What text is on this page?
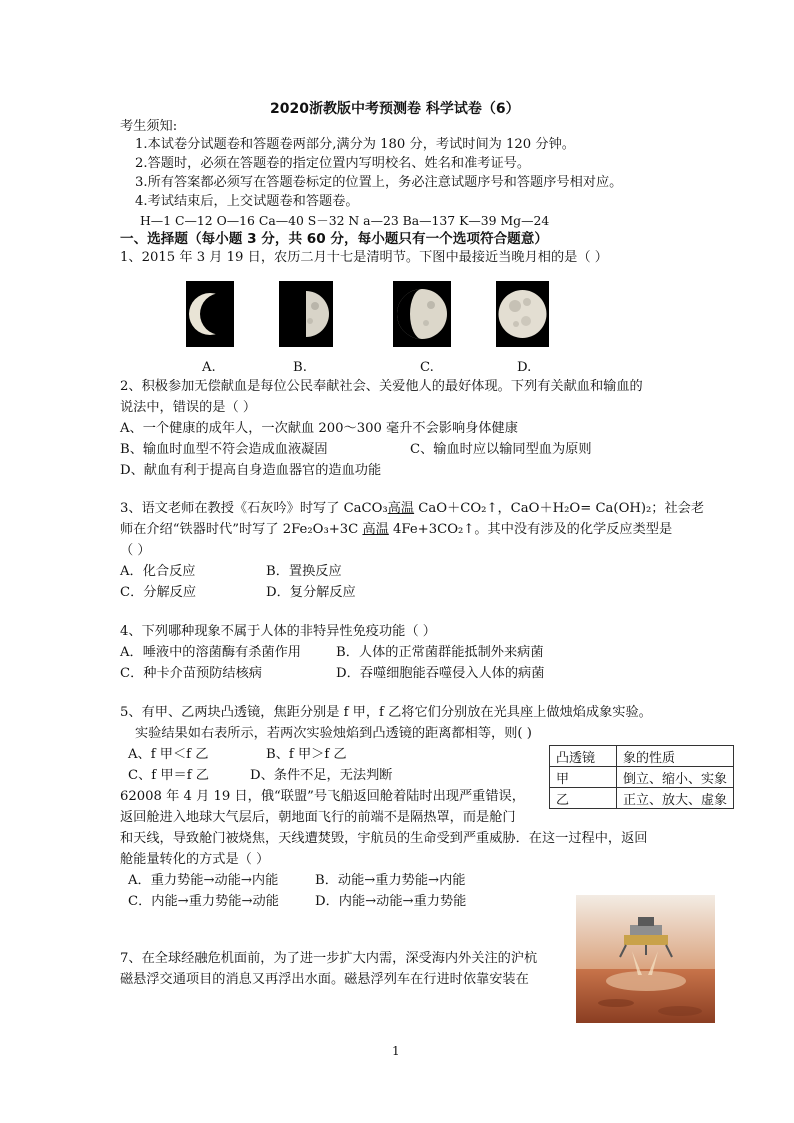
2020浙教版中考预测卷 科学试卷（6）
考生须知:
1.本试卷分试题卷和答题卷两部分,满分为 180 分，考试时间为 120 分钟。
2.答题时，必须在答题卷的指定位置内写明校名、姓名和准考证号。
3.所有答案都必须写在答题卷标定的位置上，务必注意试题序号和答题序号相对应。
4.考试结束后，上交试题卷和答题卷。
H—1 C—12 O—16 Ca—40 S－32 N a—23 Ba—137 K—39 Mg—24
一、选择题（每小题 3 分，共 60 分，每小题只有一个选项符合题意）
1、2015 年 3 月 19 日，农历二月十七是清明节。下图中最接近当晚月相的是（ ）
A.	B.	C.	D.
2、积极参加无偿献血是每位公民奉献社会、关爱他人的最好体现。下列有关献血和输血的
说法中，错误的是（ ）
A、一个健康的成年人，一次献血 200～300 毫升不会影响身体健康
B、输血时血型不符会造成血液凝固	C、输血时应以输同型血为原则
D、献血有利于提高自身造血器官的造血功能
3、语文老师在教授《石灰吟》时写了 CaCO₃高温 CaO＋CO₂↑，CaO＋H₂O= Ca(OH)₂；社会老
师在介绍“铁器时代”时写了 2Fe₂O₃+3C 高温 4Fe+3CO₂↑。其中没有涉及的化学反应类型是
（ ）
A．化合反应	B．置换反应
C．分解反应	D．复分解反应
4、下列哪种现象不属于人体的非特异性免疫功能（ ）
A．唾液中的溶菌酶有杀菌作用	B．人体的正常菌群能抵制外来病菌
C．种卡介苗预防结核病	D．吞噬细胞能吞噬侵入人体的病菌
5、有甲、乙两块凸透镜，焦距分别是 f 甲，f 乙将它们分别放在光具座上做烛焰成象实验。
实验结果如右表所示，若两次实验烛焰到凸透镜的距离都相等，则( )
A、f 甲＜f 乙	B、f 甲＞f 乙
C、f 甲＝f 乙	D、条件不足，无法判断
凸透镜	象的性质
甲	倒立、缩小、实象
乙	正立、放大、虚象
62008 年 4 月 19 日，俄“联盟”号飞船返回舱着陆时出现严重错误，
返回舱进入地球大气层后，朝地面飞行的前端不是隔热罩，而是舱门
和天线，导致舱门被烧焦，天线遭焚毁，宇航员的生命受到严重威胁．在这一过程中，返回
舱能量转化的方式是（ ）
A．重力势能→动能→内能	B．动能→重力势能→内能
C．内能→重力势能→动能	D．内能→动能→重力势能
7、在全球经融危机面前，为了进一步扩大内需，深受海内外关注的沪杭
磁悬浮交通项目的消息又再浮出水面。磁悬浮列车在行进时依靠安装在
1
